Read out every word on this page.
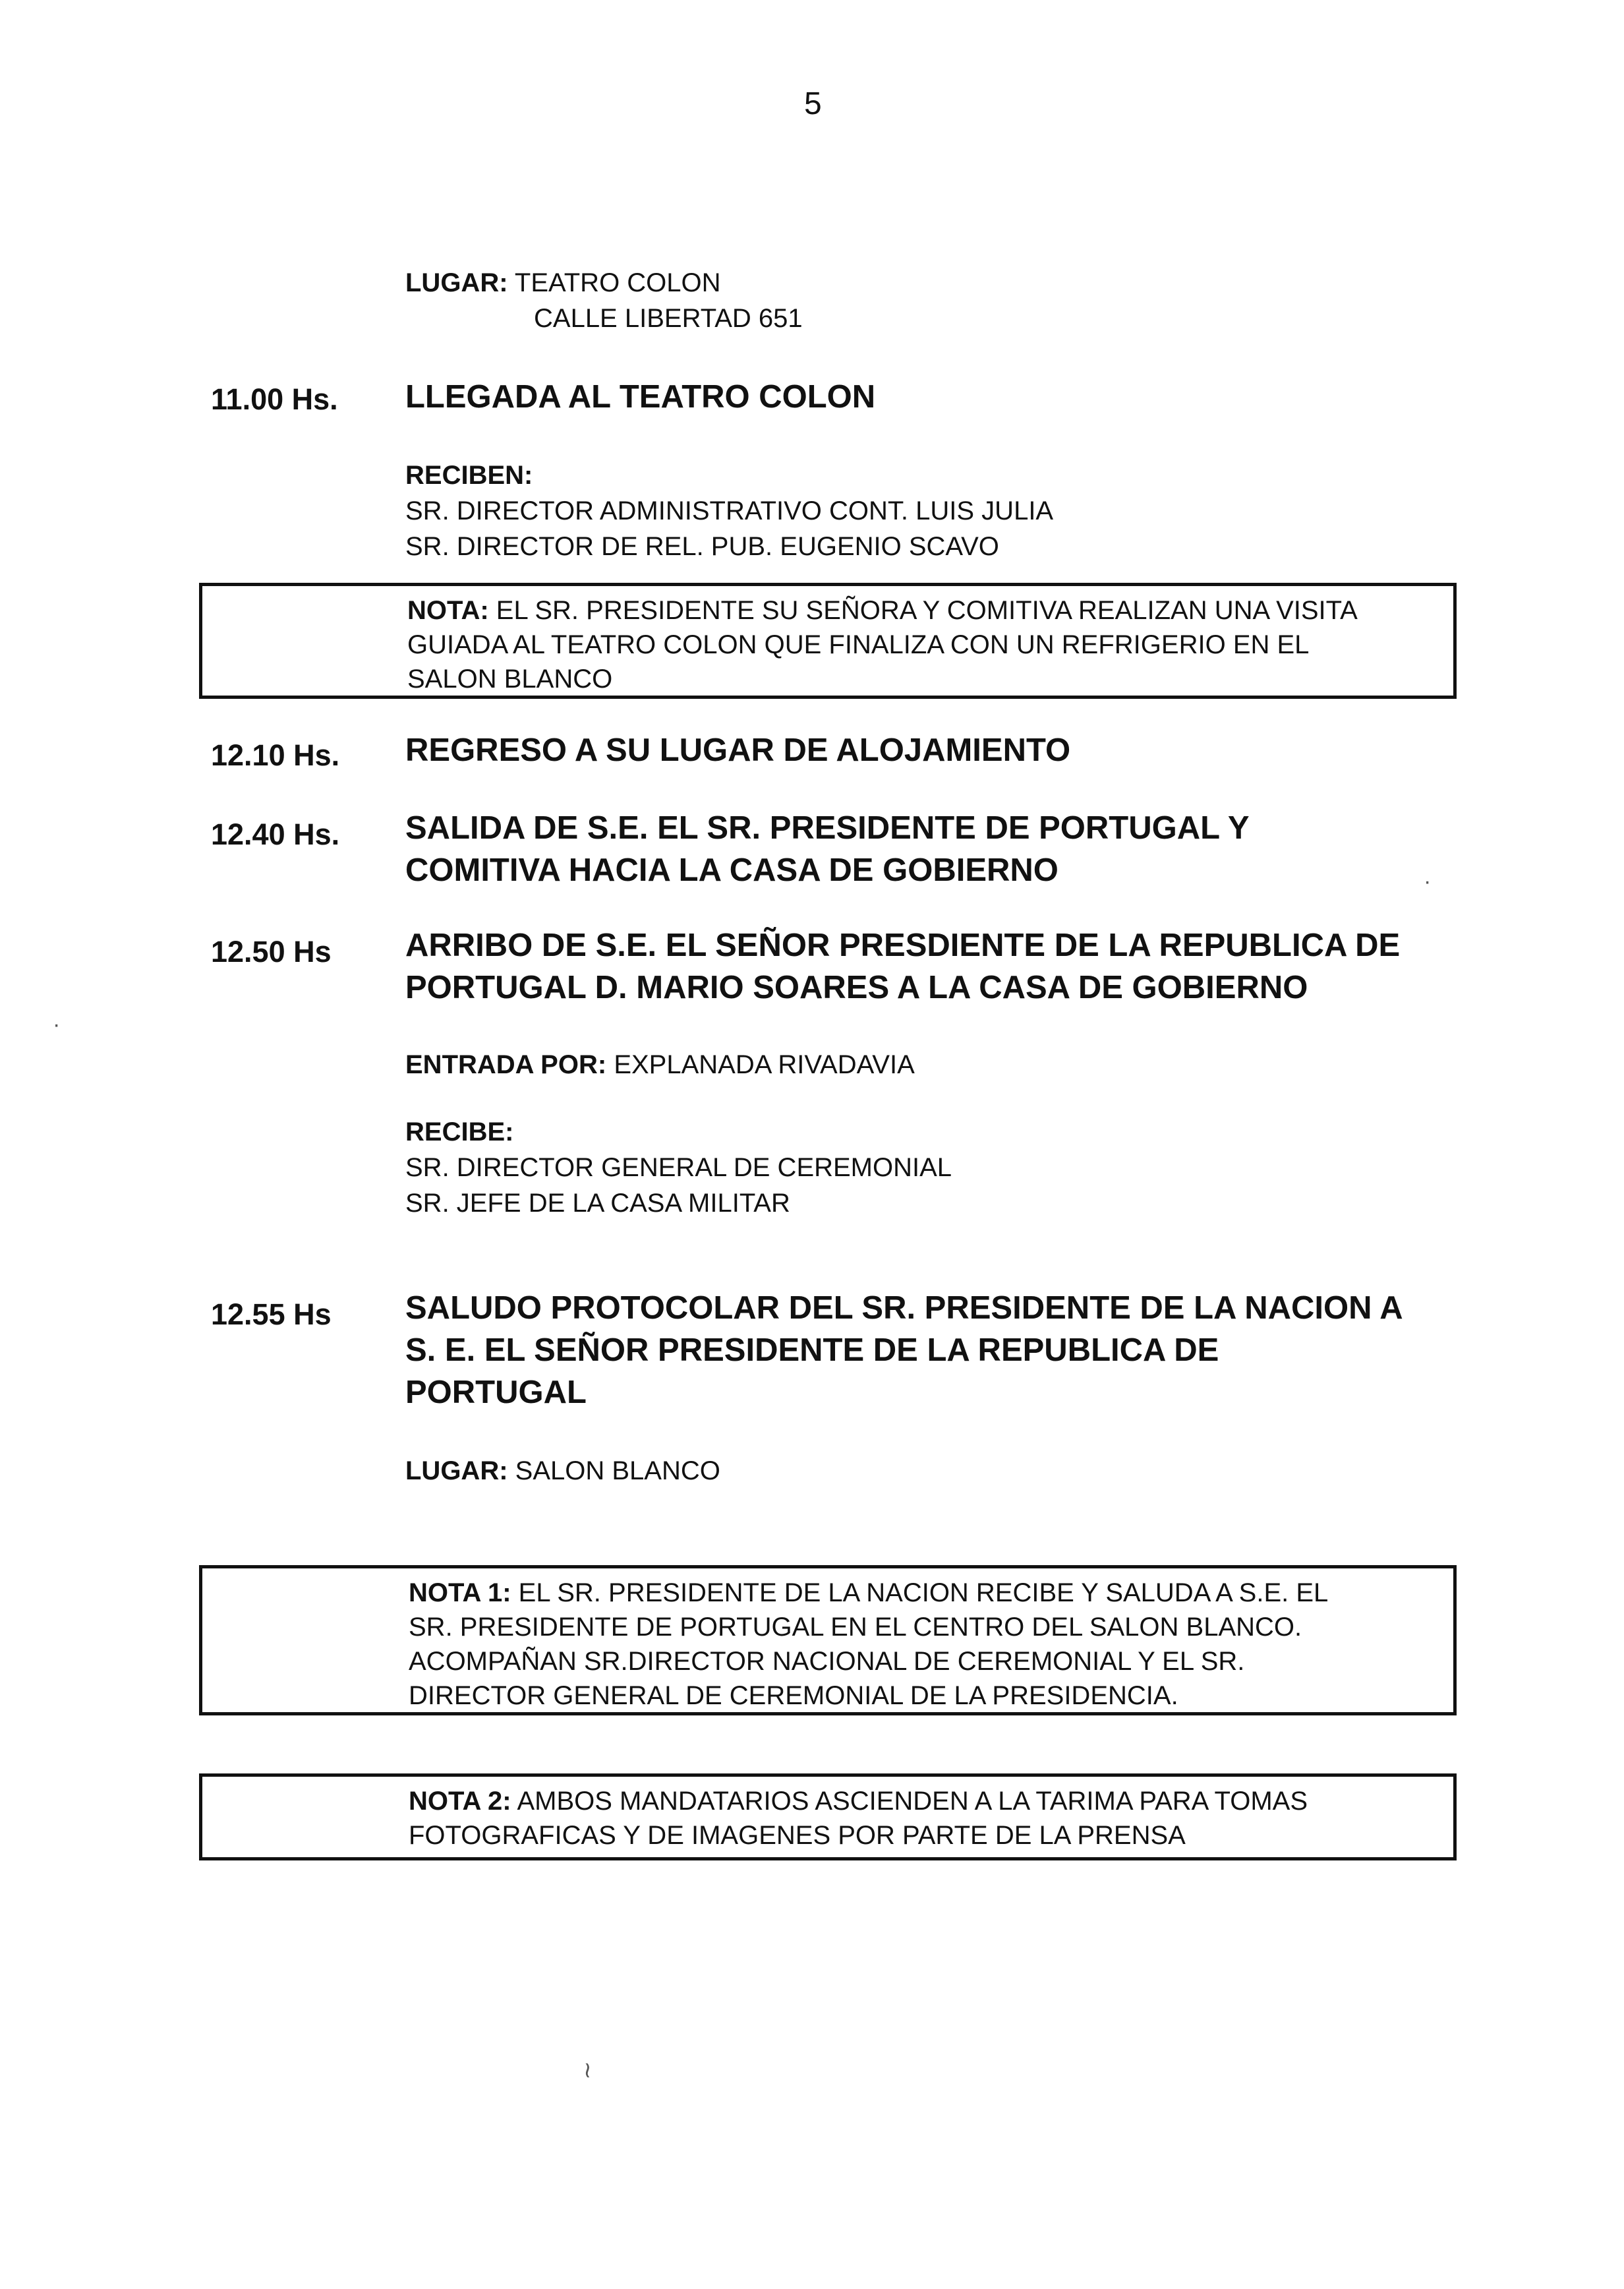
5
LUGAR: TEATRO COLON
CALLE LIBERTAD 651
11.00 Hs. LLEGADA AL TEATRO COLON
RECIBEN:
SR. DIRECTOR ADMINISTRATIVO CONT. LUIS JULIA
SR. DIRECTOR DE REL. PUB. EUGENIO SCAVO
NOTA: EL SR. PRESIDENTE SU SEÑORA Y COMITIVA REALIZAN UNA VISITA
GUIADA AL TEATRO COLON QUE FINALIZA CON UN REFRIGERIO EN EL
SALON BLANCO
12.10 Hs. REGRESO A SU LUGAR DE ALOJAMIENTO
12.40 Hs. SALIDA DE S.E. EL SR. PRESIDENTE DE PORTUGAL Y
COMITIVA HACIA LA CASA DE GOBIERNO
12.50 Hs ARRIBO DE S.E. EL SEÑOR PRESDIENTE DE LA REPUBLICA DE
PORTUGAL D. MARIO SOARES A LA CASA DE GOBIERNO
ENTRADA POR: EXPLANADA RIVADAVIA
RECIBE:
SR. DIRECTOR GENERAL DE CEREMONIAL
SR. JEFE DE LA CASA MILITAR
12.55 Hs SALUDO PROTOCOLAR DEL SR. PRESIDENTE DE LA NACION A
S. E. EL SEÑOR PRESIDENTE DE LA REPUBLICA DE
PORTUGAL
LUGAR: SALON BLANCO
NOTA 1: EL SR. PRESIDENTE DE LA NACION RECIBE Y SALUDA A S.E. EL
SR. PRESIDENTE DE PORTUGAL EN EL CENTRO DEL SALON BLANCO.
ACOMPAÑAN SR.DIRECTOR NACIONAL DE CEREMONIAL Y EL SR.
DIRECTOR GENERAL DE CEREMONIAL DE LA PRESIDENCIA.
NOTA 2: AMBOS MANDATARIOS ASCIENDEN A LA TARIMA PARA TOMAS
FOTOGRAFICAS Y DE IMAGENES POR PARTE DE LA PRENSA
≀
·
·
